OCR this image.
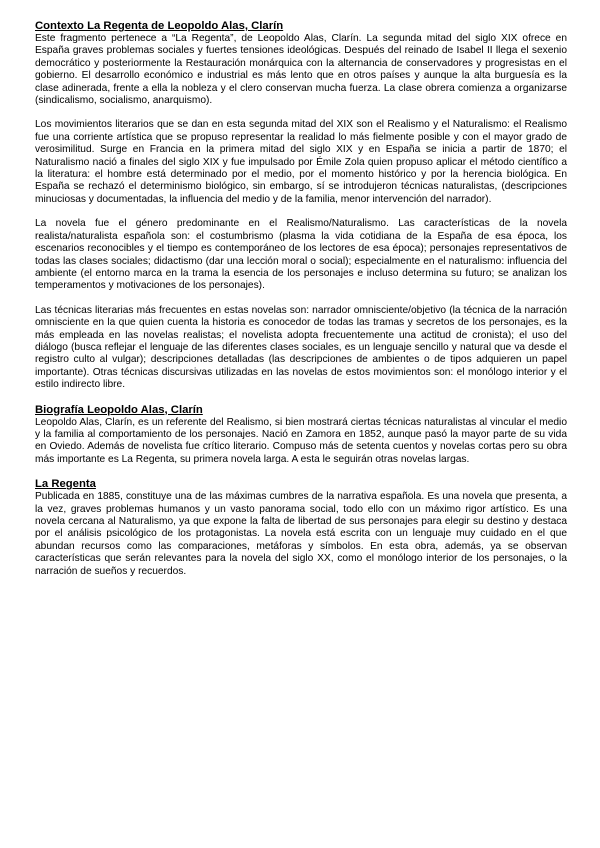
Contexto La Regenta de Leopoldo Alas, Clarín

Este fragmento pertenece a “La Regenta”, de Leopoldo Alas, Clarín. La segunda mitad del siglo XIX ofrece en España graves problemas sociales y fuertes tensiones ideológicas. Después del reinado de Isabel II llega el sexenio democrático y posteriormente la Restauración monárquica con la alternancia de conservadores y progresistas en el gobierno. El desarrollo económico e industrial es más lento que en otros países y aunque la alta burguesía es la clase adinerada, frente a ella la nobleza y el clero conservan mucha fuerza. La clase obrera comienza a organizarse (sindicalismo, socialismo, anarquismo).

Los movimientos literarios que se dan en esta segunda mitad del XIX son el Realismo y el Naturalismo: el Realismo fue una corriente artística que se propuso representar la realidad lo más fielmente posible y con el mayor grado de verosimilitud. Surge en Francia en la primera mitad del siglo XIX y en España se inicia a partir de 1870; el Naturalismo nació a finales del siglo XIX y fue impulsado por Émile Zola quien propuso aplicar el método científico a la literatura: el hombre está determinado por el medio, por el momento histórico y por la herencia biológica. En España se rechazó el determinismo biológico, sin embargo, sí se introdujeron técnicas naturalistas, (descripciones minuciosas y documentadas, la influencia del medio y de la familia, menor intervención del narrador).

La novela fue el género predominante en el Realismo/Naturalismo. Las características de la novela realista/naturalista española son: el costumbrismo (plasma la vida cotidiana de la España de esa época, los escenarios reconocibles y el tiempo es contemporáneo de los lectores de esa época); personajes representativos de todas las clases sociales; didactismo (dar una lección moral o social); especialmente en el naturalismo: influencia del ambiente (el entorno marca en la trama la esencia de los personajes e incluso determina su futuro; se analizan los temperamentos y motivaciones de los personajes).

Las técnicas literarias más frecuentes en estas novelas son: narrador omnisciente/objetivo (la técnica de la narración omnisciente en la que quien cuenta la historia es conocedor de todas las tramas y secretos de los personajes, es la más empleada en las novelas realistas; el novelista adopta frecuentemente una actitud de cronista); el uso del diálogo (busca reflejar el lenguaje de las diferentes clases sociales, es un lenguaje sencillo y natural que va desde el registro culto al vulgar); descripciones detalladas (las descripciones de ambientes o de tipos adquieren un papel importante). Otras técnicas discursivas utilizadas en las novelas de estos movimientos son: el monólogo interior y el estilo indirecto libre.

Biografía Leopoldo Alas, Clarín

Leopoldo Alas, Clarín, es un referente del Realismo, si bien mostrará ciertas técnicas naturalistas al vincular el medio y la familia al comportamiento de los personajes. Nació en Zamora en 1852, aunque pasó la mayor parte de su vida en Oviedo. Además de novelista fue crítico literario. Compuso más de setenta cuentos y novelas cortas pero su obra más importante es La Regenta, su primera novela larga. A esta le seguirán otras novelas largas.

La Regenta

Publicada en 1885, constituye una de las máximas cumbres de la narrativa española. Es una novela que presenta, a la vez, graves problemas humanos y un vasto panorama social, todo ello con un máximo rigor artístico. Es una novela cercana al Naturalismo, ya que expone la falta de libertad de sus personajes para elegir su destino y destaca por el análisis psicológico de los protagonistas. La novela está escrita con un lenguaje muy cuidado en el que abundan recursos como las comparaciones, metáforas y símbolos. En esta obra, además, ya se observan características que serán relevantes para la novela del siglo XX, como el monólogo interior de los personajes, o la narración de sueños y recuerdos.
